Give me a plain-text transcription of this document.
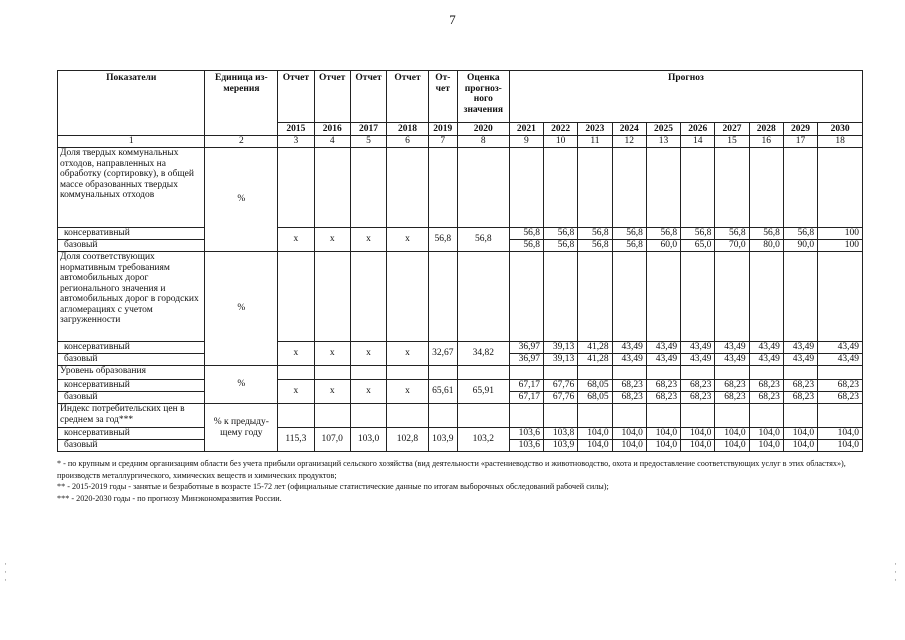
7
Показатели	Единица из-мерения	Отчет	Отчет	Отчет	Отчет	От-чет	Оценка прогноз-ного значения	Прогноз									
		2015	2016	2017	2018	2019	2020	2021	2022	2023	2024	2025	2026	2027	2028	2029	2030
1	2	3	4	5	6	7	8	9	10	11	12	13	14	15	16	17	18
Доля твердых коммунальных отходов, направленных на обработку (сортировку), в общей массе образованных твердых коммунальных отходов	%																
консервативный		х	х	х	х	56,8	56,8	56,8	56,8	56,8	56,8	56,8	56,8	56,8	56,8	56,8	100
базовый								56,8	56,8	56,8	56,8	60,0	65,0	70,0	80,0	90,0	100
Доля соответствующих нормативным требованиям автомобильных дорог регионального значения и автомобильных дорог в городских агломерациях с учетом загруженности	%																
консервативный		х	х	х	х	32,67	34,82	36,97	39,13	41,28	43,49	43,49	43,49	43,49	43,49	43,49	43,49
базовый								36,97	39,13	41,28	43,49	43,49	43,49	43,49	43,49	43,49	43,49
Уровень образования	%																
консервативный		х	х	х	х	65,61	65,91	67,17	67,76	68,05	68,23	68,23	68,23	68,23	68,23	68,23	68,23
базовый								67,17	67,76	68,05	68,23	68,23	68,23	68,23	68,23	68,23	68,23
Индекс потребительских цен в среднем за год***	% к предыду-щему году																
консервативный		115,3	107,0	103,0	102,8	103,9	103,2	103,6	103,8	104,0	104,0	104,0	104,0	104,0	104,0	104,0	104,0
базовый								103,6	103,9	104,0	104,0	104,0	104,0	104,0	104,0	104,0	104,0

* - по крупным и средним организациям области без учета прибыли организаций сельского хозяйства (вид деятельности «растениеводство и животноводство, охота и предоставление соответствующих услуг в этих областях»), производств металлургического, химических веществ и химических продуктов;

** - 2015-2019 годы - занятые и безработные в возрасте 15-72 лет (официальные статистические данные по итогам выборочных обследований рабочей силы);

*** - 2020-2030 годы - по прогнозу Минэкономразвития России.

·
·
·
·
·
·
